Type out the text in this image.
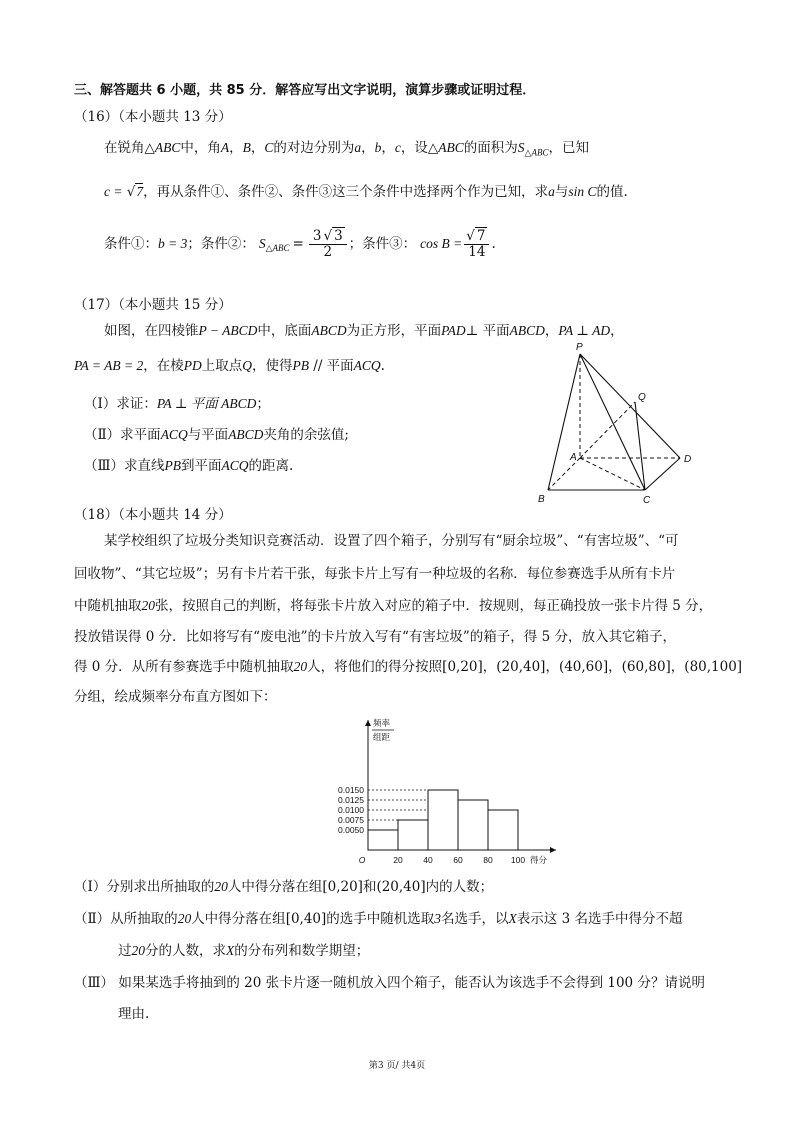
三、解答题共 6 小题，共 85 分．解答应写出文字说明，演算步骤或证明过程．
（16）（本小题共 13 分）
在锐角△ABC中，角A，B，C的对边分别为a，b，c，设△ABC的面积为$S_{\triangle ABC}$，已知
c = √7，再从条件①、条件②、条件③这三个条件中选择两个作为已知，求a与sin C的值.
条件①： b = 3 ；条件②： $S_{\triangle ABC} = \frac{3 √ 3}{2}$ ；条件③： $\cos B = \frac{√ 7}{14}$ .
（17）（本小题共 15 分）
如图，在四棱锥P − ABCD中，底面ABCD为正方形，平面PAD⊥ 平面ABCD，PA ⊥ AD，
PA = AB = 2，在棱PD上取点Q，使得PB // 平面ACQ.
（Ⅰ）求证：PA ⊥ 平面 ABCD；
（Ⅱ）求平面ACQ与平面ABCD夹角的余弦值;
（Ⅲ）求直线PB到平面ACQ的距离.
P
Q
A
B	C
D
（18）（本小题共 14 分）
某学校组织了垃圾分类知识竞赛活动．设置了四个箱子，分别写有“厨余垃圾”、“有害垃圾”、“可
回收物”、“其它垃圾”；另有卡片若干张，每张卡片上写有一种垃圾的名称．每位参赛选手从所有卡片
中随机抽取20张，按照自己的判断，将每张卡片放入对应的箱子中．按规则，每正确投放一张卡片得 5 分，
投放错误得 0 分．比如将写有“废电池”的卡片放入写有“有害垃圾”的箱子，得 5 分，放入其它箱子，
得 0 分．从所有参赛选手中随机抽取20人，将他们的得分按照[0,20]，(20,40]，(40,60]，(60,80]，(80,100]
分组，绘成频率分布直方图如下：
0.0050
0.0075
0.0100
0.0125
0.0150
20 40 60 80 100
O	得分
频率
组距
（Ⅰ）分别求出所抽取的20人中得分落在组[0,20]和(20,40]内的人数；
（Ⅱ）从所抽取的20人中得分落在组[0,40]的选手中随机选取3名选手，以X表示这 3 名选手中得分不超
过20分的人数，求X的分布列和数学期望；
（Ⅲ） 如果某选手将抽到的 20 张卡片逐一随机放入四个箱子，能否认为该选手不会得到 100 分？请说明
理由.
第3 页/ 共4页
